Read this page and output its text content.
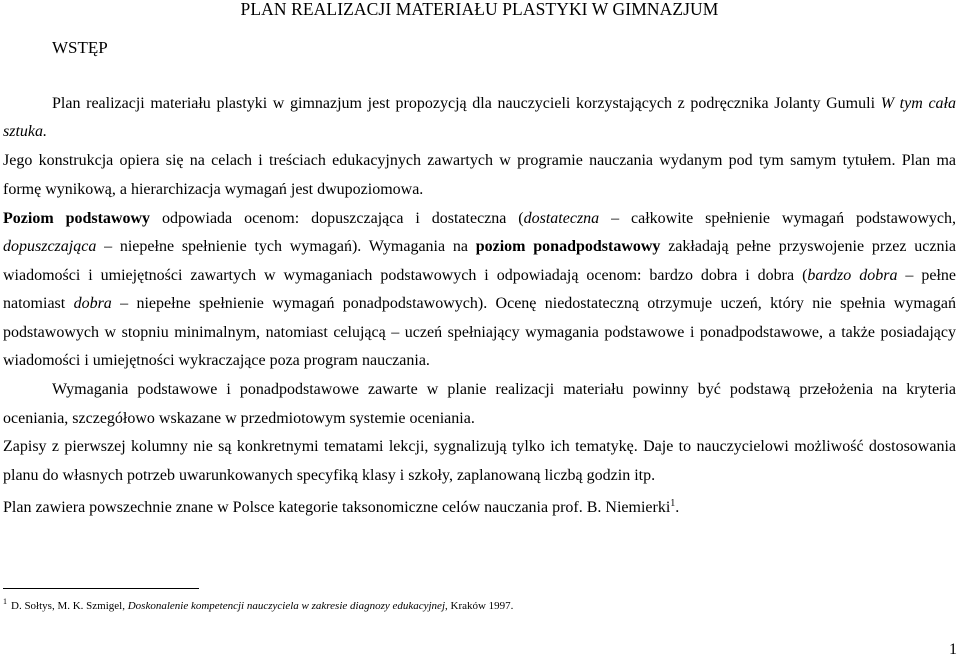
PLAN REALIZACJI MATERIAŁU PLASTYKI W GIMNAZJUM
WSTĘP
Plan realizacji materiału plastyki w gimnazjum jest propozycją dla nauczycieli korzystających z podręcznika Jolanty Gumuli W tym cała
sztuka.
Jego konstrukcja opiera się na celach i treściach edukacyjnych zawartych w programie nauczania wydanym pod tym samym tytułem. Plan ma
formę wynikową, a hierarchizacja wymagań jest dwupoziomowa.
Poziom podstawowy odpowiada ocenom: dopuszczająca i dostateczna (dostateczna – całkowite spełnienie wymagań podstawowych,
dopuszczająca – niepełne spełnienie tych wymagań). Wymagania na poziom ponadpodstawowy zakładają pełne przyswojenie przez ucznia
wiadomości i umiejętności zawartych w wymaganiach podstawowych i odpowiadają ocenom: bardzo dobra i dobra (bardzo dobra – pełne
natomiast dobra – niepełne spełnienie wymagań ponadpodstawowych). Ocenę niedostateczną otrzymuje uczeń, który nie spełnia wymagań
podstawowych w stopniu minimalnym, natomiast celującą – uczeń spełniający wymagania podstawowe i ponadpodstawowe, a także posiadający
wiadomości i umiejętności wykraczające poza program nauczania.
Wymagania podstawowe i ponadpodstawowe zawarte w planie realizacji materiału powinny być podstawą przełożenia na kryteria
oceniania, szczegółowo wskazane w przedmiotowym systemie oceniania.
Zapisy z pierwszej kolumny nie są konkretnymi tematami lekcji, sygnalizują tylko ich tematykę. Daje to nauczycielowi możliwość dostosowania
planu do własnych potrzeb uwarunkowanych specyfiką klasy i szkoły, zaplanowaną liczbą godzin itp.
Plan zawiera powszechnie znane w Polsce kategorie taksonomiczne celów nauczania prof. B. Niemierki$^1$.
$^1$ D. Sołtys, M. K. Szmigel, Doskonalenie kompetencji nauczyciela w zakresie diagnozy edukacyjnej, Kraków 1997.
1
